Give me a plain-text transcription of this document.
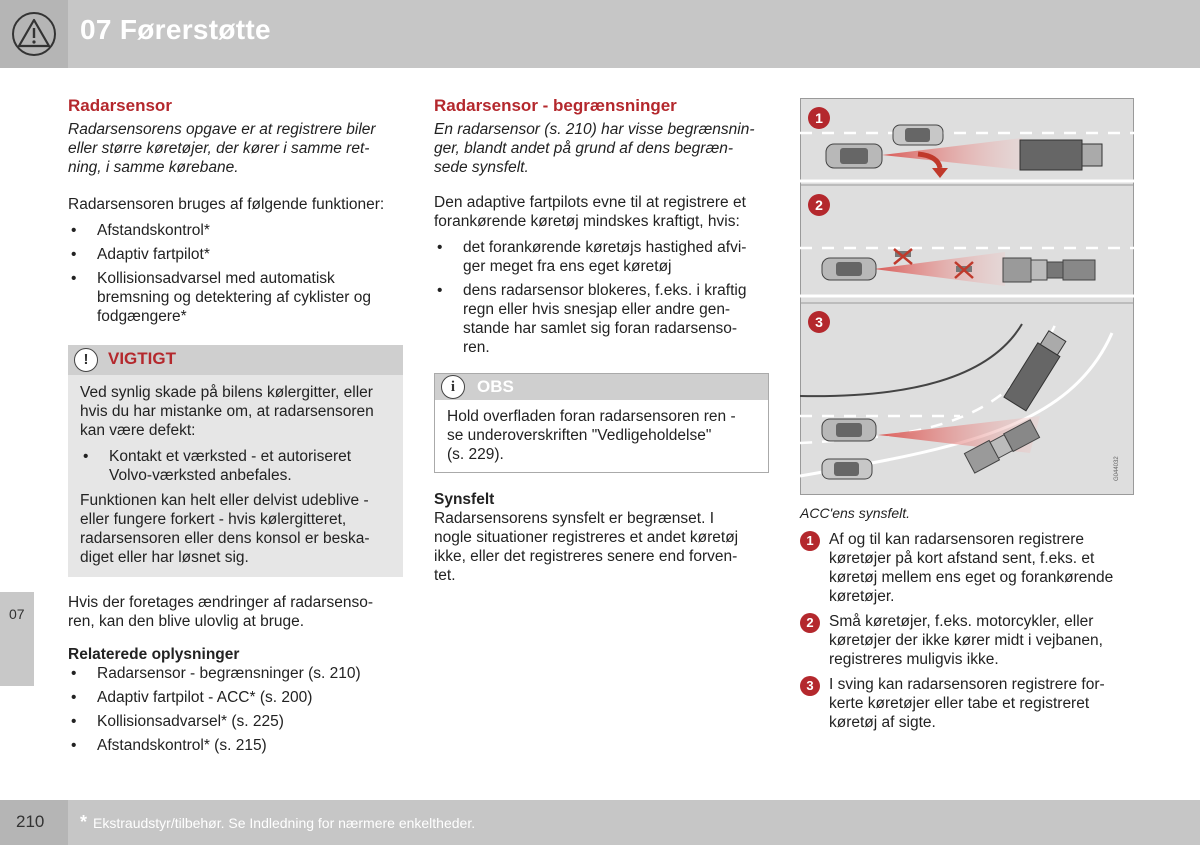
07 Førerstøtte
07
Radarsensor

Radarsensorens opgave er at registrere biler
eller større køretøjer, der kører i samme ret-
ning, i samme kørebane.

Radarsensoren bruges af følgende funktioner:

• Afstandskontrol*
• Adaptiv fartpilot*
• Kollisionsadvarsel med automatisk
bremsning og detektering af cyklister og
fodgængere*
!	VIGTIGT

Ved synlig skade på bilens kølergitter, eller
hvis du har mistanke om, at radarsensoren
kan være defekt:

• Kontakt et værksted - et autoriseret
Volvo-værksted anbefales.

Funktionen kan helt eller delvist udeblive -
eller fungere forkert - hvis kølergitteret,
radarsensoren eller dens konsol er beska-
diget eller har løsnet sig.

Hvis der foretages ændringer af radarsenso-
ren, kan den blive ulovlig at bruge.

Relaterede oplysninger
• Radarsensor - begrænsninger (s. 210)
• Adaptiv fartpilot - ACC* (s. 200)
• Kollisionsadvarsel* (s. 225)
• Afstandskontrol* (s. 215)
Radarsensor - begrænsninger

En radarsensor (s. 210) har visse begrænsnin-
ger, blandt andet på grund af dens begræn-
sede synsfelt.

Den adaptive fartpilots evne til at registrere et
forankørende køretøj mindskes kraftigt, hvis:

• det forankørende køretøjs hastighed afvi-
ger meget fra ens eget køretøj
• dens radarsensor blokeres, f.eks. i kraftig
regn eller hvis snesjap eller andre gen-
stande har samlet sig foran radarsenso-
ren.
i	OBS

Hold overfladen foran radarsensoren ren -
se underoverskriften "Vedligeholdelse"
(s. 229).

Synsfelt

Radarsensorens synsfelt er begrænset. I
nogle situationer registreres et andet køretøj
ikke, eller det registreres senere end forven-
tet.

G044032
1
2
3

ACC'ens synsfelt.

1 Af og til kan radarsensoren registrere
køretøjer på kort afstand sent, f.eks. et
køretøj mellem ens eget og forankørende
køretøjer.
2 Små køretøjer, f.eks. motorcykler, eller
køretøjer der ikke kører midt i vejbanen,
registreres muligvis ikke.
3 I sving kan radarsensoren registrere for-
kerte køretøjer eller tabe et registreret
køretøj af sigte.
210 * Ekstraudstyr/tilbehør. Se Indledning for nærmere enkeltheder.
